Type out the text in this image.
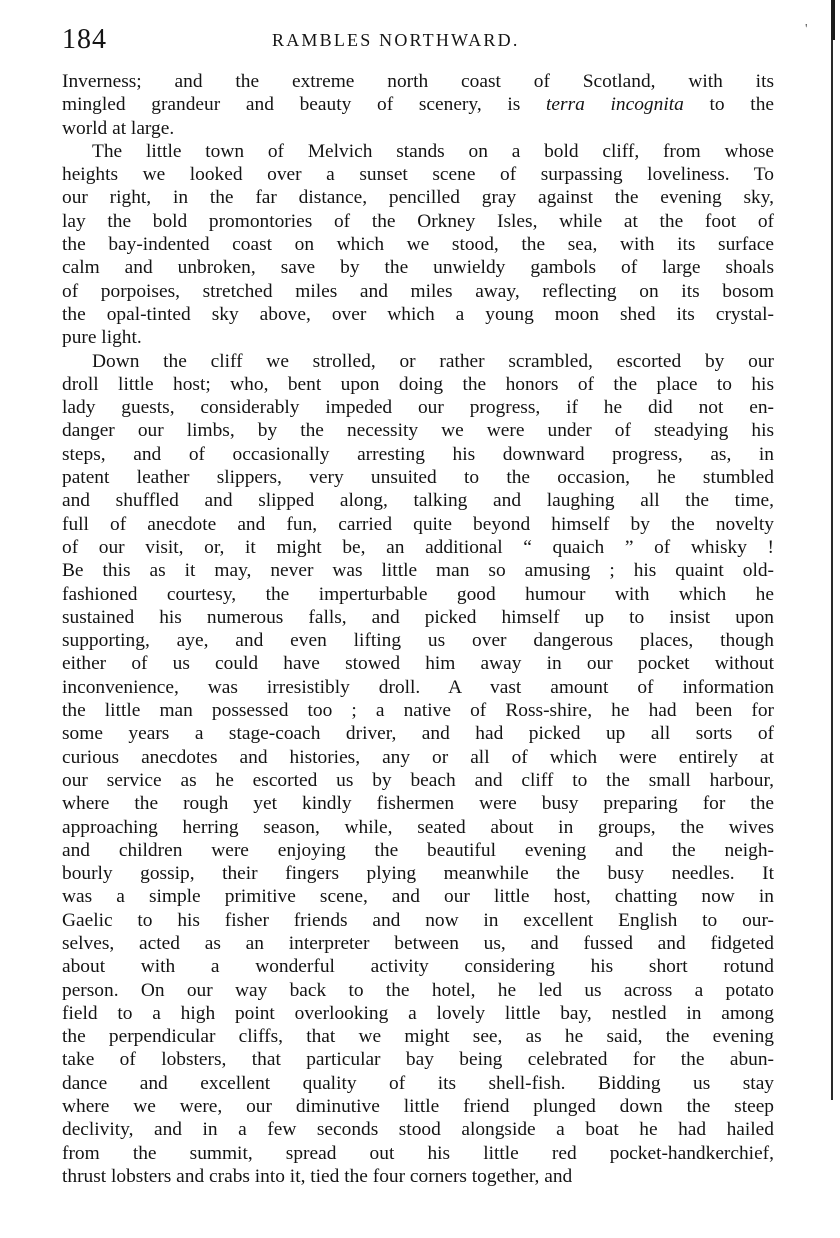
184	RAMBLES NORTHWARD.
'
Inverness; and the extreme north coast of Scotland, with its
mingled grandeur and beauty of scenery, is terra incognita to the
world at large.
The little town of Melvich stands on a bold cliff, from whose
heights we looked over a sunset scene of surpassing loveliness. To
our right, in the far distance, pencilled gray against the evening sky,
lay the bold promontories of the Orkney Isles, while at the foot of
the bay-indented coast on which we stood, the sea, with its surface
calm and unbroken, save by the unwieldy gambols of large shoals
of porpoises, stretched miles and miles away, reflecting on its bosom
the opal-tinted sky above, over which a young moon shed its crystal-
pure light.
Down the cliff we strolled, or rather scrambled, escorted by our
droll little host; who, bent upon doing the honors of the place to his
lady guests, considerably impeded our progress, if he did not en-
danger our limbs, by the necessity we were under of steadying his
steps, and of occasionally arresting his downward progress, as, in
patent leather slippers, very unsuited to the occasion, he stumbled
and shuffled and slipped along, talking and laughing all the time,
full of anecdote and fun, carried quite beyond himself by the novelty
of our visit, or, it might be, an additional “ quaich ” of whisky !
Be this as it may, never was little man so amusing ; his quaint old-
fashioned courtesy, the imperturbable good humour with which he
sustained his numerous falls, and picked himself up to insist upon
supporting, aye, and even lifting us over dangerous places, though
either of us could have stowed him away in our pocket without
inconvenience, was irresistibly droll. A vast amount of information
the little man possessed too ; a native of Ross-shire, he had been for
some years a stage-coach driver, and had picked up all sorts of
curious anecdotes and histories, any or all of which were entirely at
our service as he escorted us by beach and cliff to the small harbour,
where the rough yet kindly fishermen were busy preparing for the
approaching herring season, while, seated about in groups, the wives
and children were enjoying the beautiful evening and the neigh-
bourly gossip, their fingers plying meanwhile the busy needles. It
was a simple primitive scene, and our little host, chatting now in
Gaelic to his fisher friends and now in excellent English to our-
selves, acted as an interpreter between us, and fussed and fidgeted
about with a wonderful activity considering his short rotund
person. On our way back to the hotel, he led us across a potato
field to a high point overlooking a lovely little bay, nestled in among
the perpendicular cliffs, that we might see, as he said, the evening
take of lobsters, that particular bay being celebrated for the abun-
dance and excellent quality of its shell-fish. Bidding us stay
where we were, our diminutive little friend plunged down the steep
declivity, and in a few seconds stood alongside a boat he had hailed
from the summit, spread out his little red pocket-handkerchief,
thrust lobsters and crabs into it, tied the four corners together, and
